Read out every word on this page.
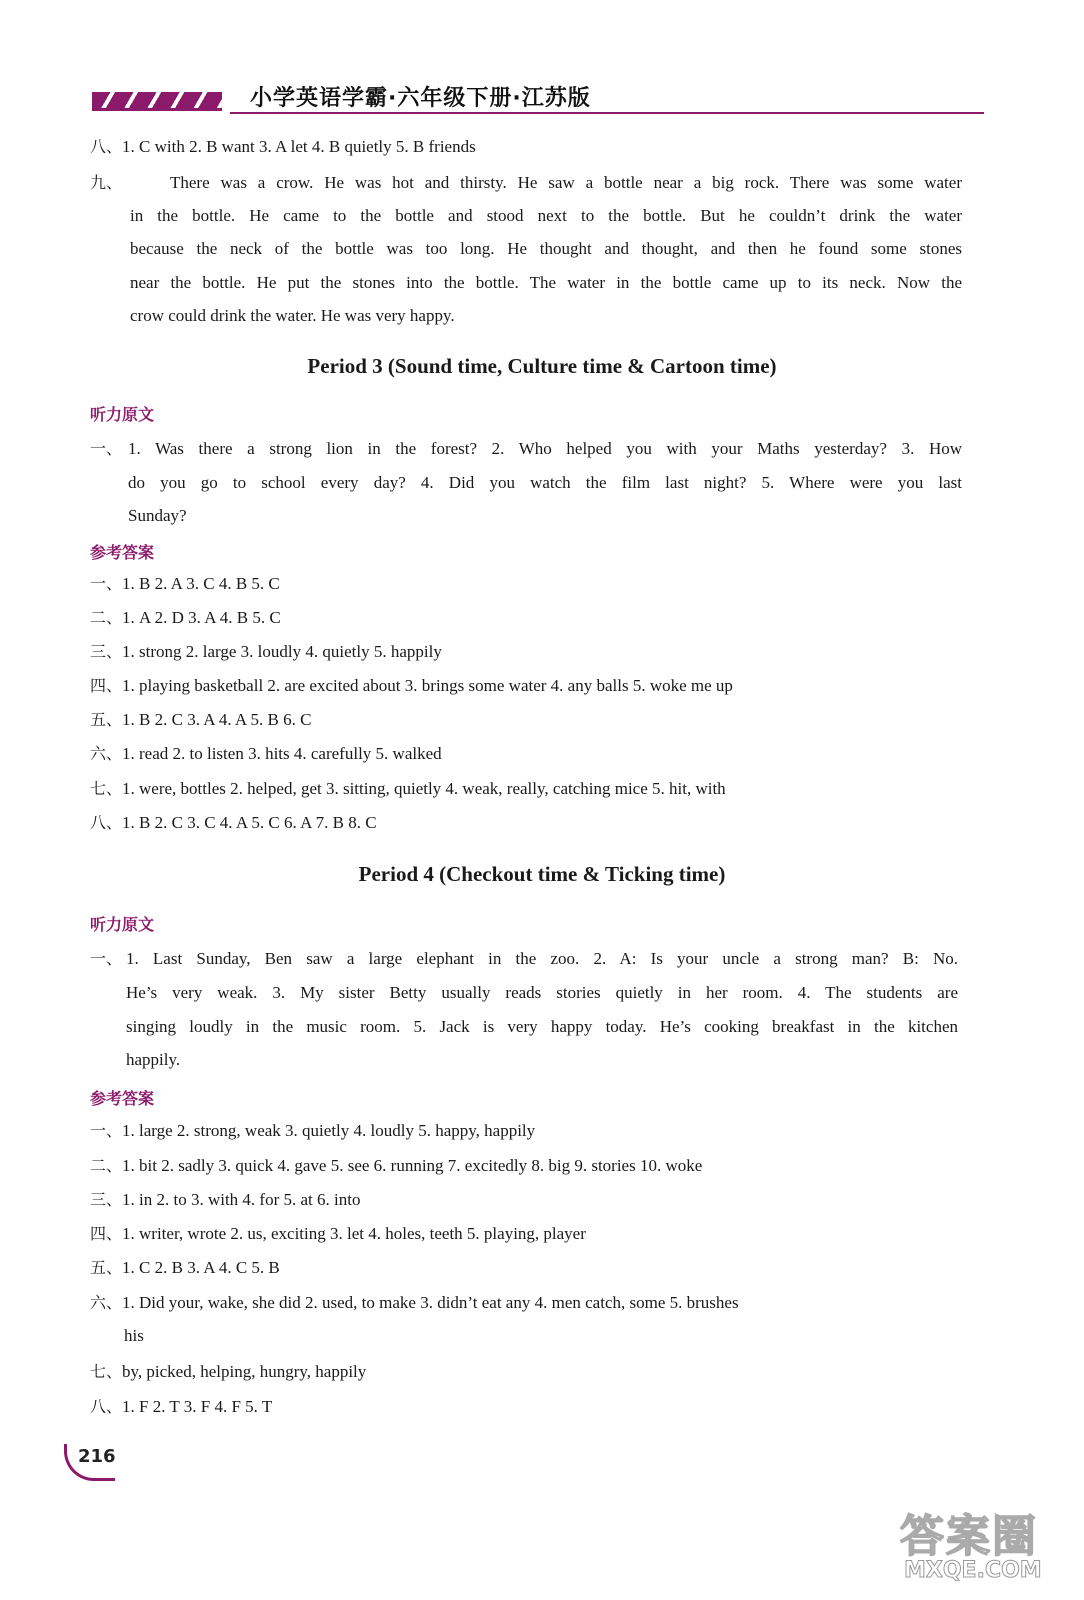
小学英语学霸·六年级下册·江苏版
八、1. C with 2. B want 3. A let 4. B quietly 5. B friends
九、	There was a crow. He was hot and thirsty. He saw a bottle near a big rock. There was some water
in the bottle. He came to the bottle and stood next to the bottle. But he couldn’t drink the water
because the neck of the bottle was too long. He thought and thought, and then he found some stones
near the bottle. He put the stones into the bottle. The water in the bottle came up to its neck. Now the
crow could drink the water. He was very happy.
Period 3 (Sound time, Culture time & Cartoon time)
听力原文
一、 1. Was there a strong lion in the forest? 2. Who helped you with your Maths yesterday? 3. How
do you go to school every day? 4. Did you watch the film last night? 5. Where were you last
Sunday?
参考答案
一、1. B 2. A 3. C 4. B 5. C
二、1. A 2. D 3. A 4. B 5. C
三、1. strong 2. large 3. loudly 4. quietly 5. happily
四、1. playing basketball 2. are excited about 3. brings some water 4. any balls 5. woke me up
五、1. B 2. C 3. A 4. A 5. B 6. C
六、1. read 2. to listen 3. hits 4. carefully 5. walked
七、1. were, bottles 2. helped, get 3. sitting, quietly 4. weak, really, catching mice 5. hit, with
八、1. B 2. C 3. C 4. A 5. C 6. A 7. B 8. C
Period 4 (Checkout time & Ticking time)
听力原文
一、 1. Last Sunday, Ben saw a large elephant in the zoo. 2. A: Is your uncle a strong man? B: No.
He’s very weak. 3. My sister Betty usually reads stories quietly in her room. 4. The students are
singing loudly in the music room. 5. Jack is very happy today. He’s cooking breakfast in the kitchen
happily.
参考答案
一、1. large 2. strong, weak 3. quietly 4. loudly 5. happy, happily
二、1. bit 2. sadly 3. quick 4. gave 5. see 6. running 7. excitedly 8. big 9. stories 10. woke
三、1. in 2. to 3. with 4. for 5. at 6. into
四、1. writer, wrote 2. us, exciting 3. let 4. holes, teeth 5. playing, player
五、1. C 2. B 3. A 4. C 5. B
六、1. Did your, wake, she did 2. used, to make 3. didn’t eat any 4. men catch, some 5. brushes
his
七、by, picked, helping, hungry, happily
八、1. F 2. T 3. F 4. F 5. T
216
答案圈
MXQE.COM
